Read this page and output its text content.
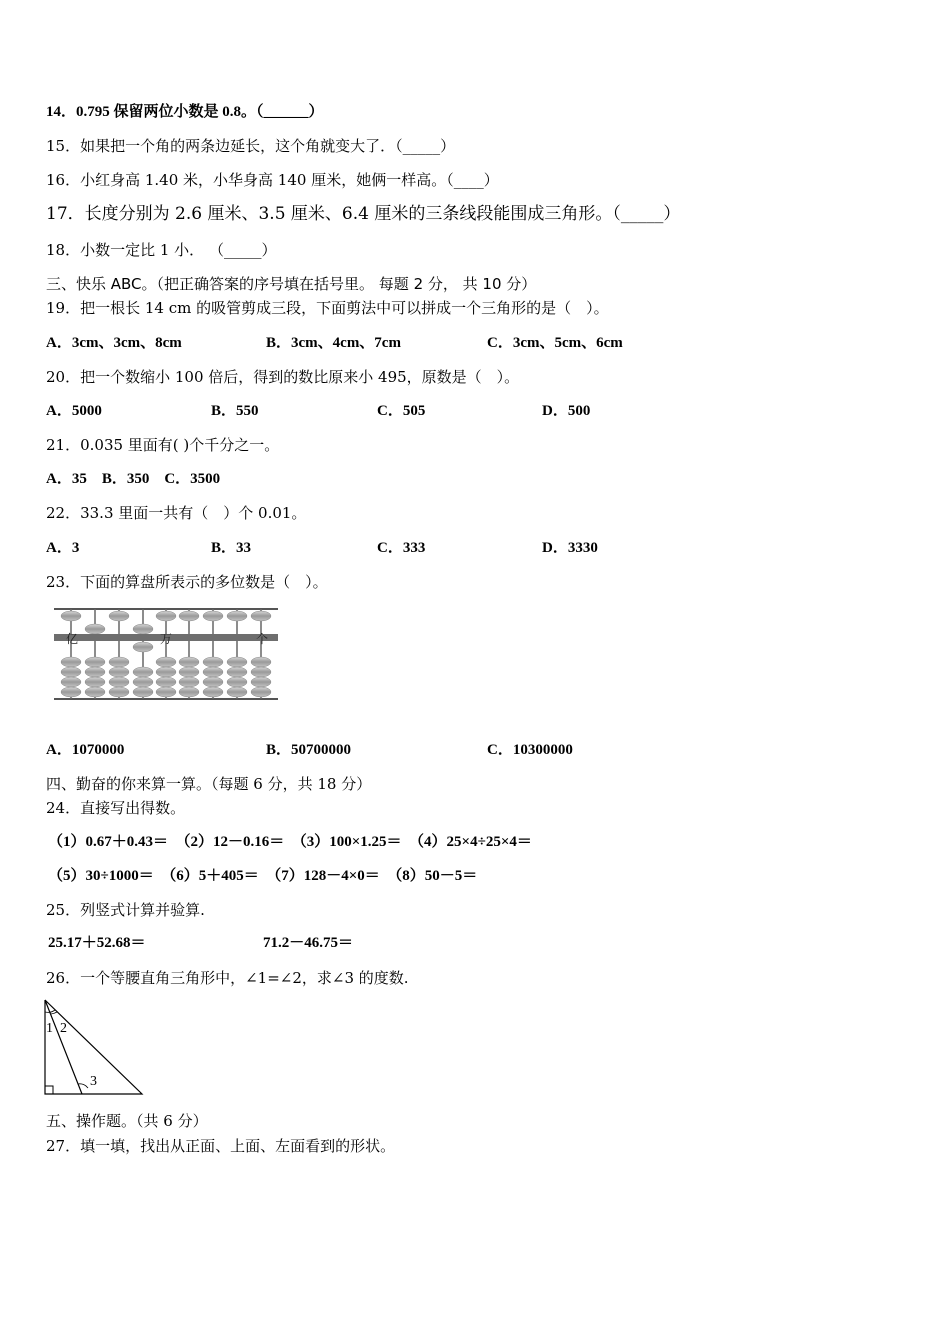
14．0.795 保留两位小数是 0.8。（______）
15．如果把一个角的两条边延长，这个角就变大了．（_____）
16．小红身高 1.40 米，小华身高 140 厘米，她俩一样高。（____）
17．长度分别为 2.6 厘米、3.5 厘米、6.4 厘米的三条线段能围成三角形。（_____）
18．小数一定比 1 小． （_____）
三、快乐 ABC。（把正确答案的序号填在括号里。 每题 2 分， 共 10 分）
19．把一根长 14 cm 的吸管剪成三段，下面剪法中可以拼成一个三角形的是（　）。
A．3cm、3cm、8cm	B．3cm、4cm、7cm	C．3cm、5cm、6cm
20．把一个数缩小 100 倍后，得到的数比原来小 495，原数是（　）。
A．5000	B．550	C．505	D．500
21．0.035 里面有( )个千分之一。
A．35　B．350　C．3500
22．33.3 里面一共有（　）个 0.01。
A．3	B．33	C．333	D．3330
23．下面的算盘所表示的多位数是（　）。
亿	万	个
A．1070000	B．50700000	C．10300000
四、勤奋的你来算一算。（每题 6 分，共 18 分）
24．直接写出得数。
（1）0.67＋0.43＝　（2）12－0.16＝　（3）100×1.25＝　（4）25×4÷25×4＝
（5）30÷1000＝　（6）5＋405＝　（7）128－4×0＝　（8）50－5＝
25．列竖式计算并验算.
25.17＋52.68＝	71.2－46.75＝
26．一个等腰直角三角形中，∠1=∠2，求∠3 的度数.
1 2
3
五、操作题。（共 6 分）
27．填一填，找出从正面、上面、左面看到的形状。
